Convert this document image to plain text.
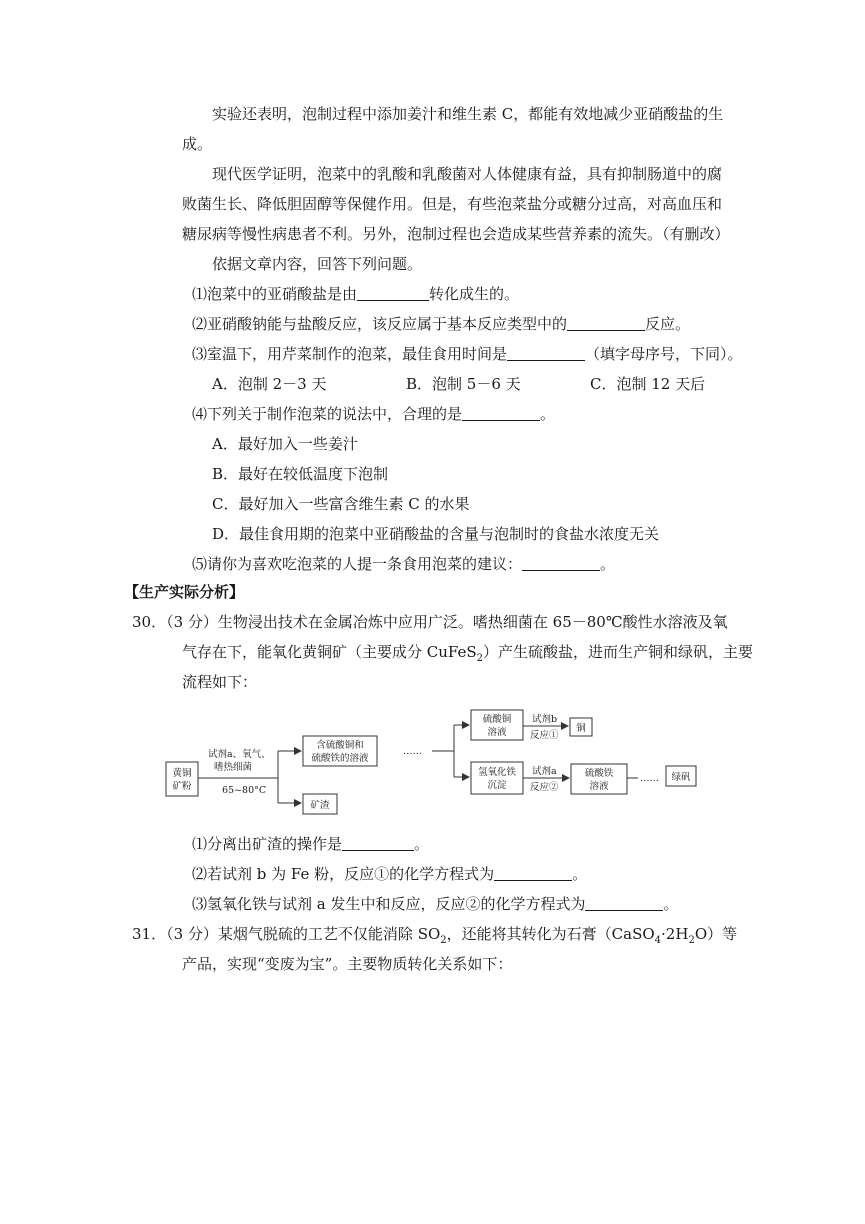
实验还表明，泡制过程中添加姜汁和维生素 C，都能有效地减少亚硝酸盐的生
成。
现代医学证明，泡菜中的乳酸和乳酸菌对人体健康有益，具有抑制肠道中的腐
败菌生长、降低胆固醇等保健作用。但是，有些泡菜盐分或糖分过高，对高血压和
糖尿病等慢性病患者不利。另外，泡制过程也会造成某些营养素的流失。（有删改）
依据文章内容，回答下列问题。
⑴泡菜中的亚硝酸盐是由	转化成生的。
⑵亚硝酸钠能与盐酸反应，该反应属于基本反应类型中的	反应。
⑶室温下，用芹菜制作的泡菜，最佳食用时间是	（填字母序号，下同）。
A．泡制 2－3 天	B．泡制 5－6 天	C．泡制 12 天后
⑷下列关于制作泡菜的说法中，合理的是	。
A．最好加入一些姜汁
B．最好在较低温度下泡制
C．最好加入一些富含维生素 C 的水果
D．最佳食用期的泡菜中亚硝酸盐的含量与泡制时的食盐水浓度无关
⑸请你为喜欢吃泡菜的人提一条食用泡菜的建议：	。
【生产实际分析】
30．（3 分）生物浸出技术在金属冶炼中应用广泛。嗜热细菌在 65－80℃酸性水溶液及氧
气存在下，能氧化黄铜矿（主要成分 CuFeS$_2$）产生硫酸盐，进而生产铜和绿矾，主要
流程如下：
黄铜
矿粉
试剂a、氧气、
嗜热细菌
65~80°C
含硫酸铜和
硫酸铁的溶液
……
矿渣
硫酸铜
溶液
试剂b
反应①
铜
氢氧化铁
沉淀
试剂a
反应②
硫酸铁
溶液
…… 绿矾
⑴分离出矿渣的操作是	。
⑵若试剂 b 为 Fe 粉，反应①的化学方程式为	。
⑶氢氧化铁与试剂 a 发生中和反应，反应②的化学方程式为	。
31．（3 分）某烟气脱硫的工艺不仅能消除 $SO_2$，还能将其转化为石膏$(CaSO_4\cdot 2H_2O)$等
产品，实现“变废为宝”。主要物质转化关系如下：
